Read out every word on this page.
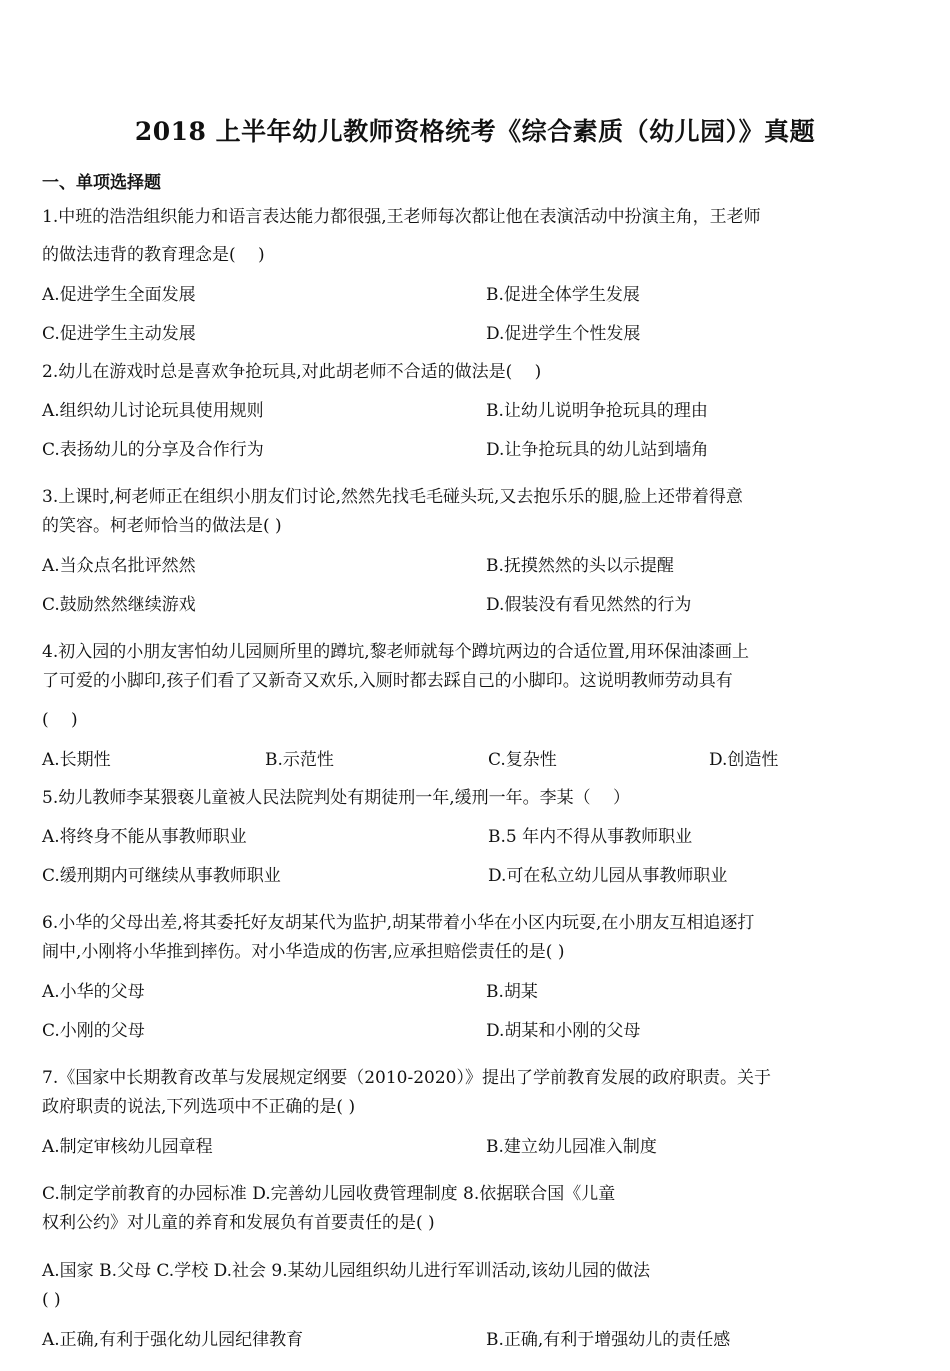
2018 上半年幼儿教师资格统考《综合素质（幼儿园）》真题
一、单项选择题
1.中班的浩浩组织能力和语言表达能力都很强,王老师每次都让他在表演活动中扮演主角，王老师
的做法违背的教育理念是(　 )
A.促进学生全面发展	B.促进全体学生发展
C.促进学生主动发展	D.促进学生个性发展
2.幼儿在游戏时总是喜欢争抢玩具,对此胡老师不合适的做法是(　 )
A.组织幼儿讨论玩具使用规则	B.让幼儿说明争抢玩具的理由
C.表扬幼儿的分享及合作行为	D.让争抢玩具的幼儿站到墙角
3.上课时,柯老师正在组织小朋友们讨论,然然先找毛毛碰头玩,又去抱乐乐的腿,脸上还带着得意
的笑容。柯老师恰当的做法是( )
A.当众点名批评然然	B.抚摸然然的头以示提醒
C.鼓励然然继续游戏	D.假装没有看见然然的行为
4.初入园的小朋友害怕幼儿园厕所里的蹲坑,黎老师就每个蹲坑两边的合适位置,用环保油漆画上
了可爱的小脚印,孩子们看了又新奇又欢乐,入厕时都去踩自己的小脚印。这说明教师劳动具有
(　 )
A.长期性	B.示范性	C.复杂性	D.创造性
5.幼儿教师李某猥亵儿童被人民法院判处有期徒刑一年,缓刑一年。李某（　 ）
A.将终身不能从事教师职业	B.5 年内不得从事教师职业
C.缓刑期内可继续从事教师职业	D.可在私立幼儿园从事教师职业
6.小华的父母出差,将其委托好友胡某代为监护,胡某带着小华在小区内玩耍,在小朋友互相追逐打
闹中,小刚将小华推到摔伤。对小华造成的伤害,应承担赔偿责任的是( )
A.小华的父母	B.胡某
C.小刚的父母	D.胡某和小刚的父母
7.《国家中长期教育改革与发展规定纲要（2010-2020）》提出了学前教育发展的政府职责。关于
政府职责的说法,下列选项中不正确的是( )
A.制定审核幼儿园章程	B.建立幼儿园准入制度
C.制定学前教育的办园标准 D.完善幼儿园收费管理制度 8.依据联合国《儿童
权利公约》对儿童的养育和发展负有首要责任的是( )
A.国家 B.父母 C.学校 D.社会 9.某幼儿园组织幼儿进行军训活动,该幼儿园的做法
( )
A.正确,有利于强化幼儿园纪律教育	B.正确,有利于增强幼儿的责任感
